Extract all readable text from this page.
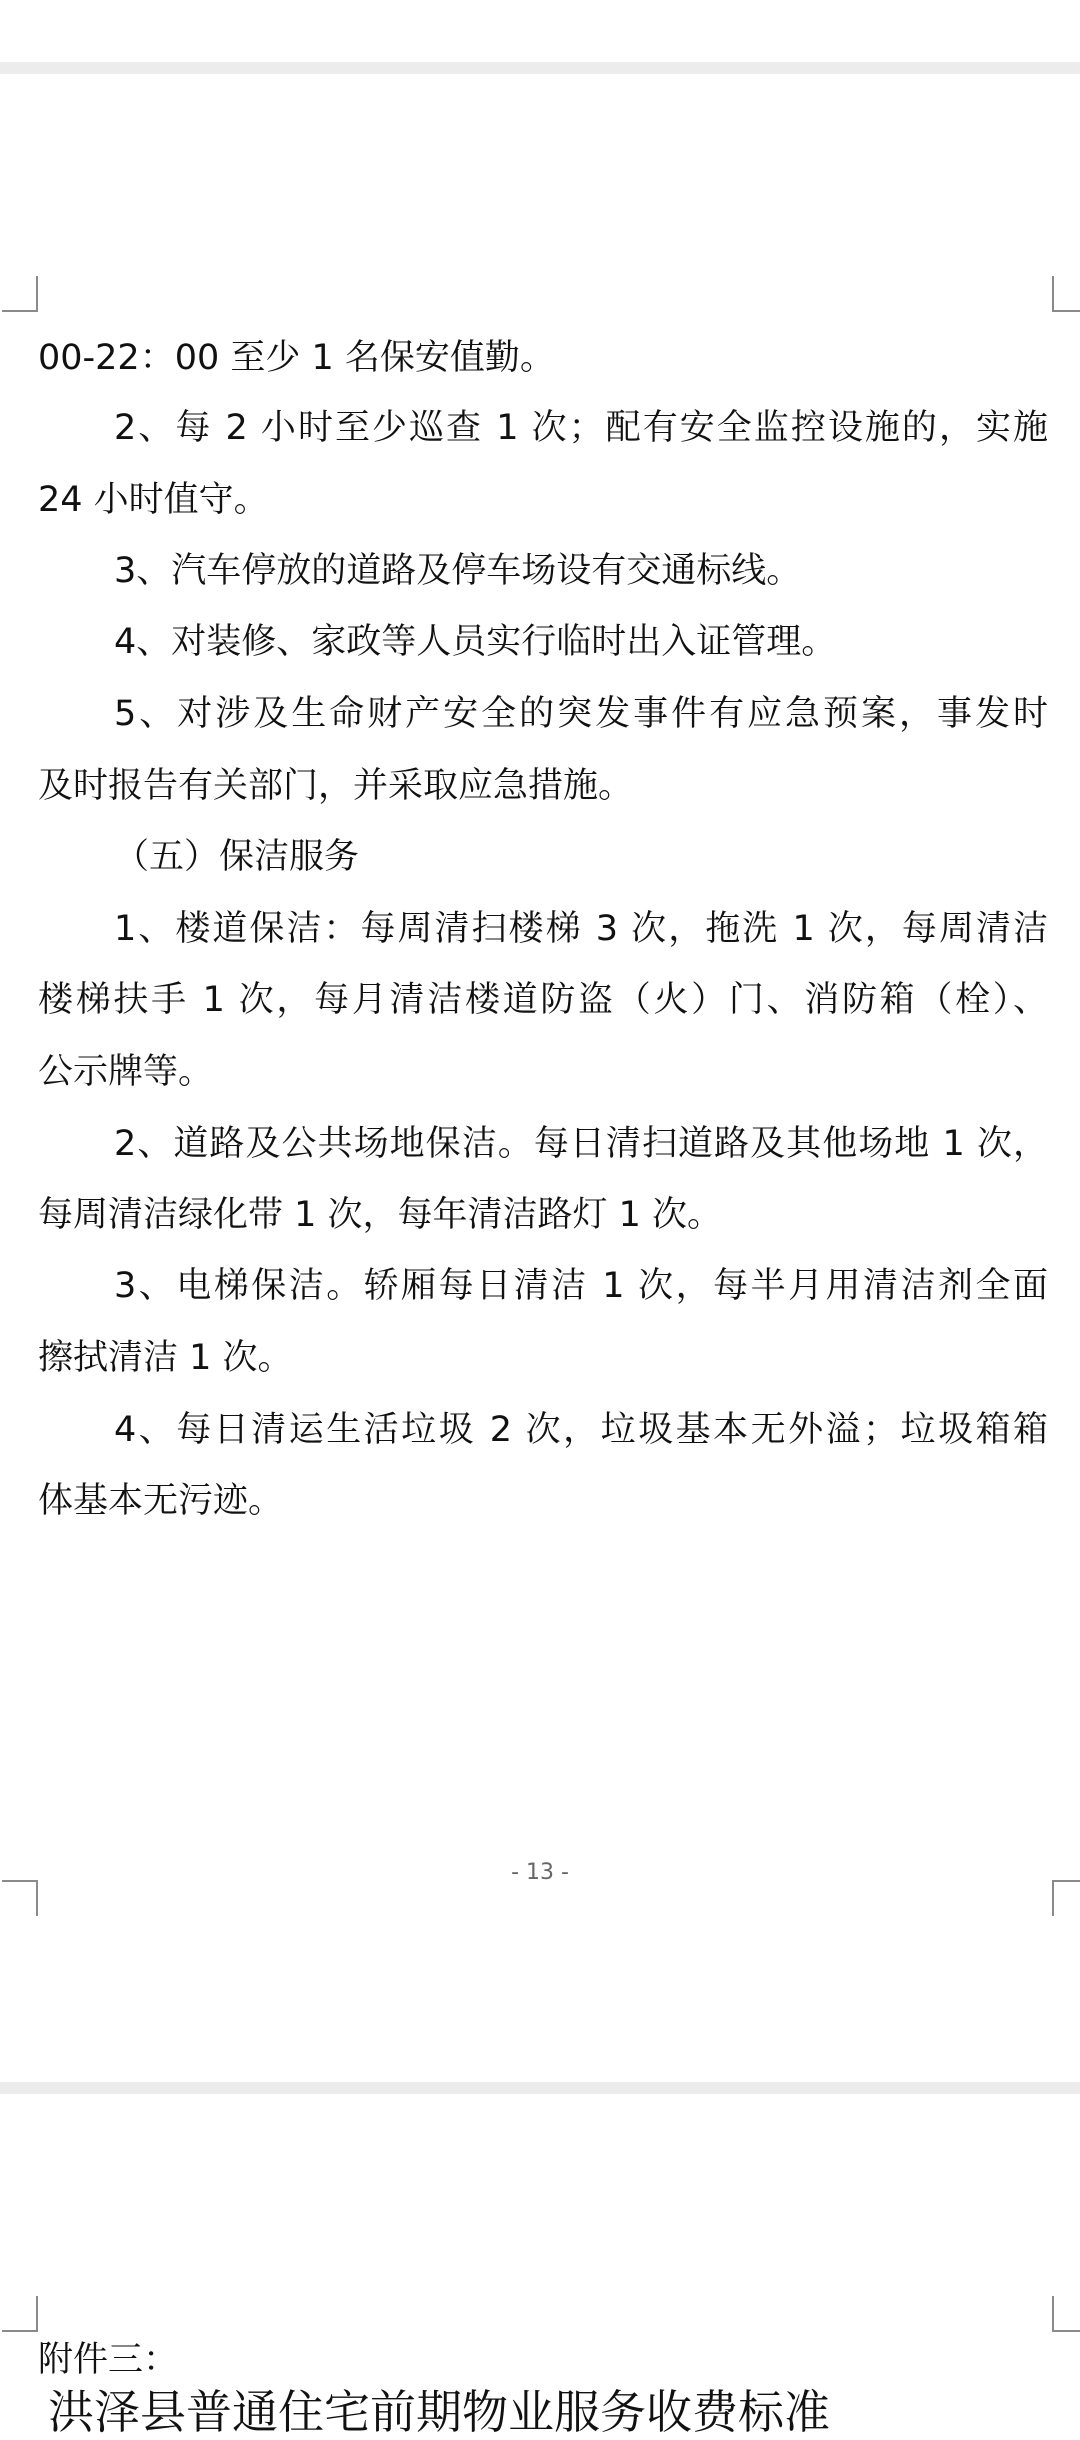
00-22：00 至少 1 名保安值勤。
2、每 2 小时至少巡查 1 次；配有安全监控设施的，实施
24 小时值守。
3、汽车停放的道路及停车场设有交通标线。
4、对装修、家政等人员实行临时出入证管理。
5、对涉及生命财产安全的突发事件有应急预案，事发时
及时报告有关部门，并采取应急措施。
（五）保洁服务
1、楼道保洁：每周清扫楼梯 3 次，拖洗 1 次，每周清洁
楼梯扶手 1 次，每月清洁楼道防盗（火）门、消防箱（栓）、
公示牌等。
2、道路及公共场地保洁。每日清扫道路及其他场地 1 次，
每周清洁绿化带 1 次，每年清洁路灯 1 次。
3、电梯保洁。轿厢每日清洁 1 次，每半月用清洁剂全面
擦拭清洁 1 次。
4、每日清运生活垃圾 2 次，垃圾基本无外溢；垃圾箱箱
体基本无污迹。
- 13 -
附件三：
洪泽县普通住宅前期物业服务收费标准
